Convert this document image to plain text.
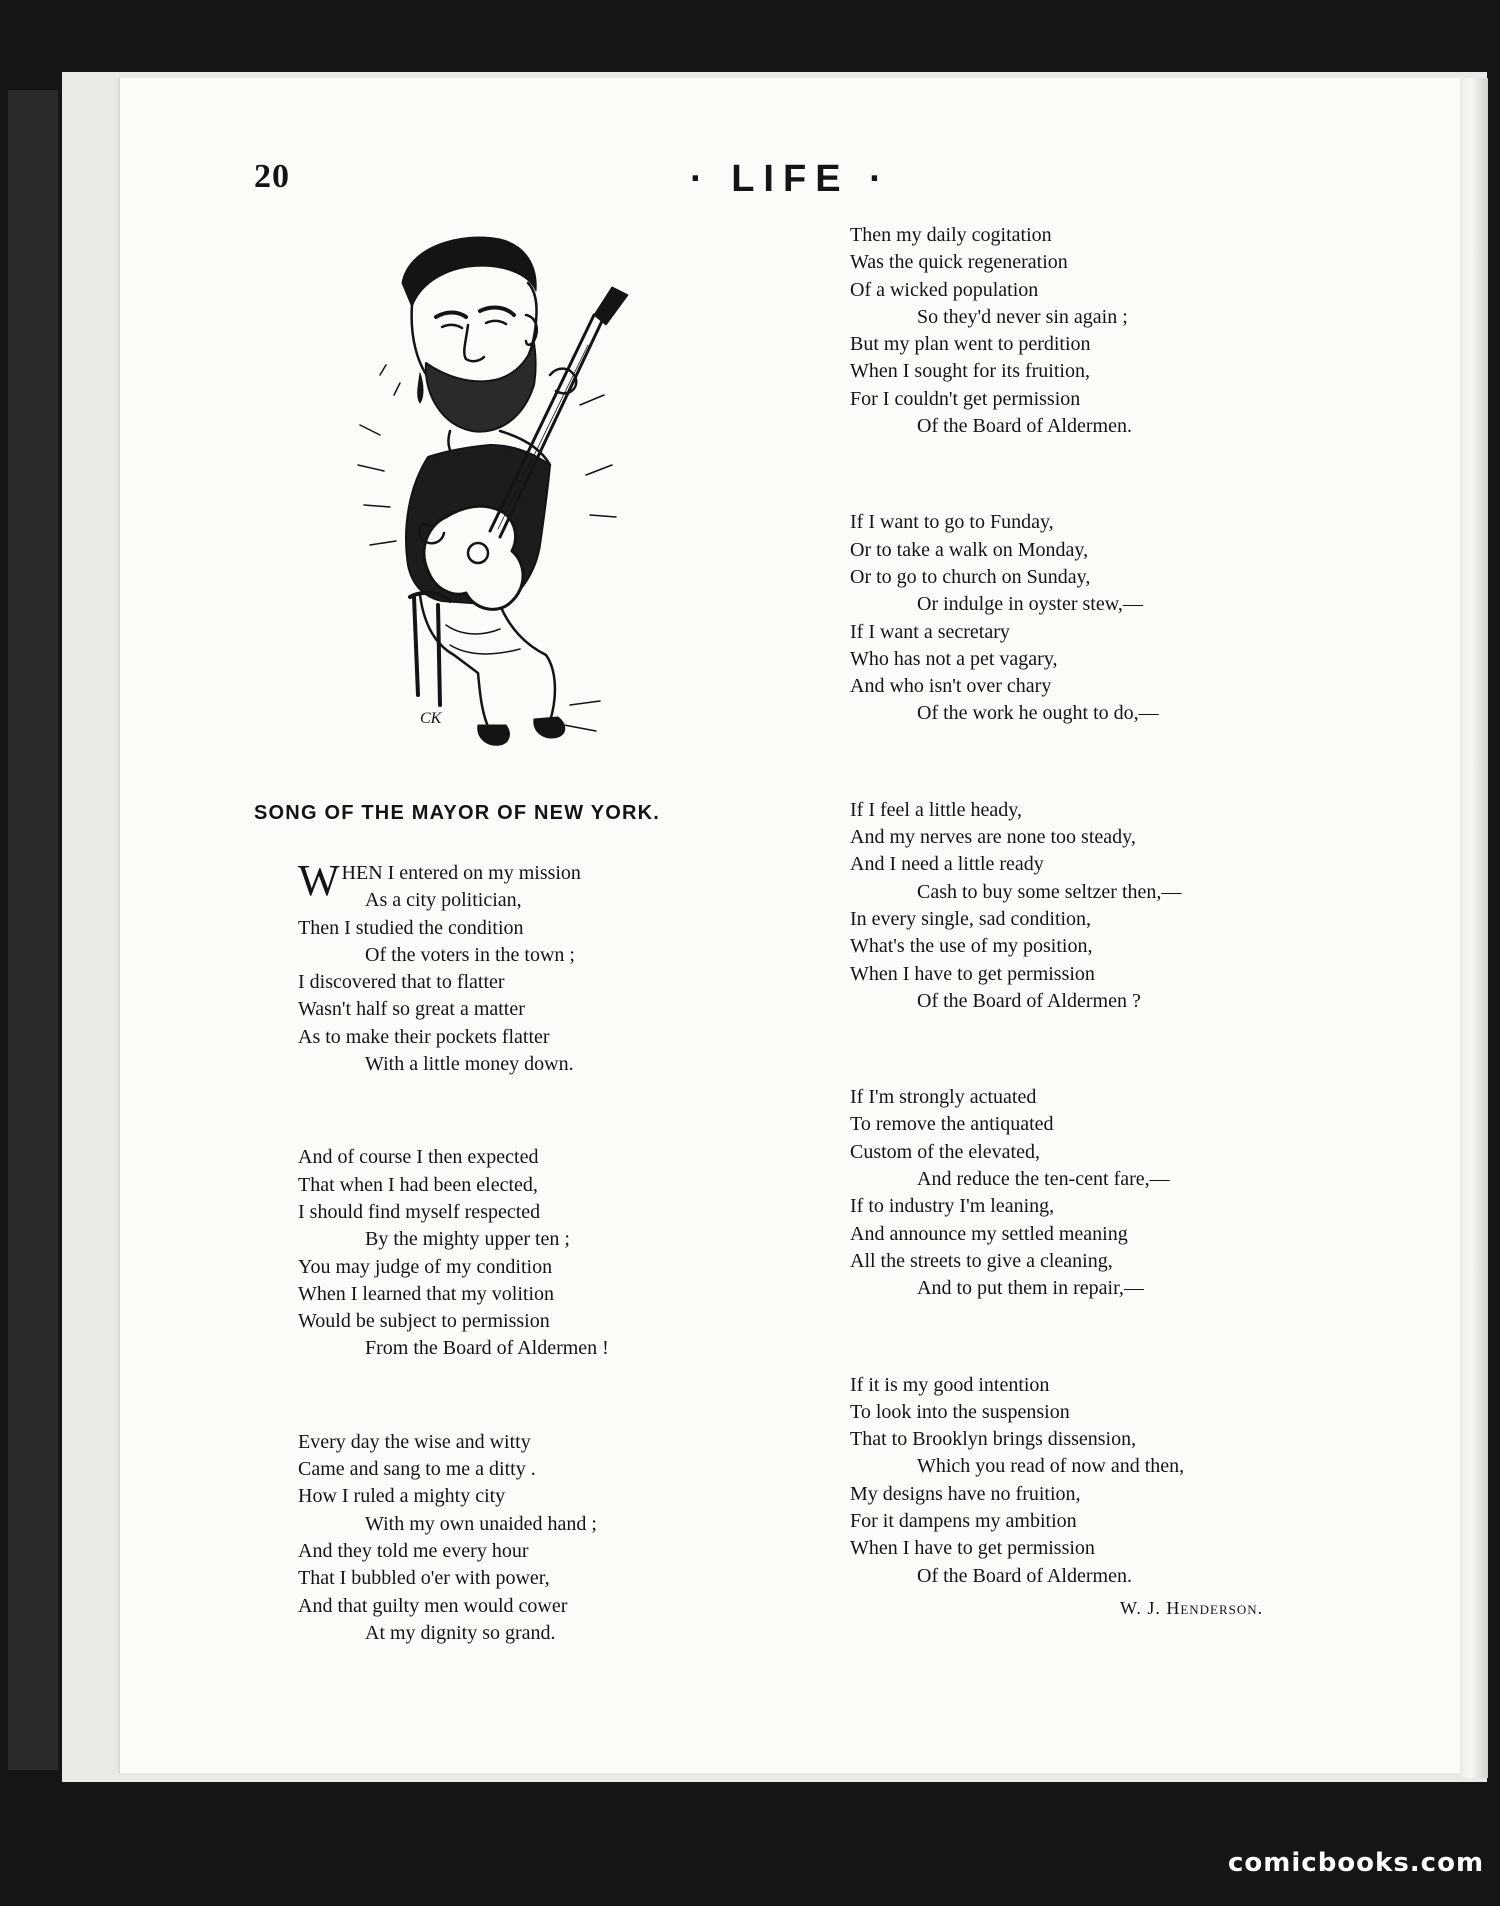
20	· LIFE ·
CK
SONG OF THE MAYOR OF NEW YORK.
WHEN I entered on my mission
As a city politician,
Then I studied the condition
Of the voters in the town ;
I discovered that to flatter
Wasn't half so great a matter
As to make their pockets flatter
With a little money down.
And of course I then expected
That when I had been elected,
I should find myself respected
By the mighty upper ten ;
You may judge of my condition
When I learned that my volition
Would be subject to permission
From the Board of Aldermen !
Every day the wise and witty
Came and sang to me a ditty .
How I ruled a mighty city
With my own unaided hand ;
And they told me every hour
That I bubbled o'er with power,
And that guilty men would cower
At my dignity so grand.
Then my daily cogitation
Was the quick regeneration
Of a wicked population
So they'd never sin again ;
But my plan went to perdition
When I sought for its fruition,
For I couldn't get permission
Of the Board of Aldermen.
If I want to go to Funday,
Or to take a walk on Monday,
Or to go to church on Sunday,
Or indulge in oyster stew,—
If I want a secretary
Who has not a pet vagary,
And who isn't over chary
Of the work he ought to do,—
If I feel a little heady,
And my nerves are none too steady,
And I need a little ready
Cash to buy some seltzer then,—
In every single, sad condition,
What's the use of my position,
When I have to get permission
Of the Board of Aldermen ?
If I'm strongly actuated
To remove the antiquated
Custom of the elevated,
And reduce the ten-cent fare,—
If to industry I'm leaning,
And announce my settled meaning
All the streets to give a cleaning,
And to put them in repair,—
If it is my good intention
To look into the suspension
That to Brooklyn brings dissension,
Which you read of now and then,
My designs have no fruition,
For it dampens my ambition
When I have to get permission
Of the Board of Aldermen.
W. J. Henderson.
comicbooks.com
